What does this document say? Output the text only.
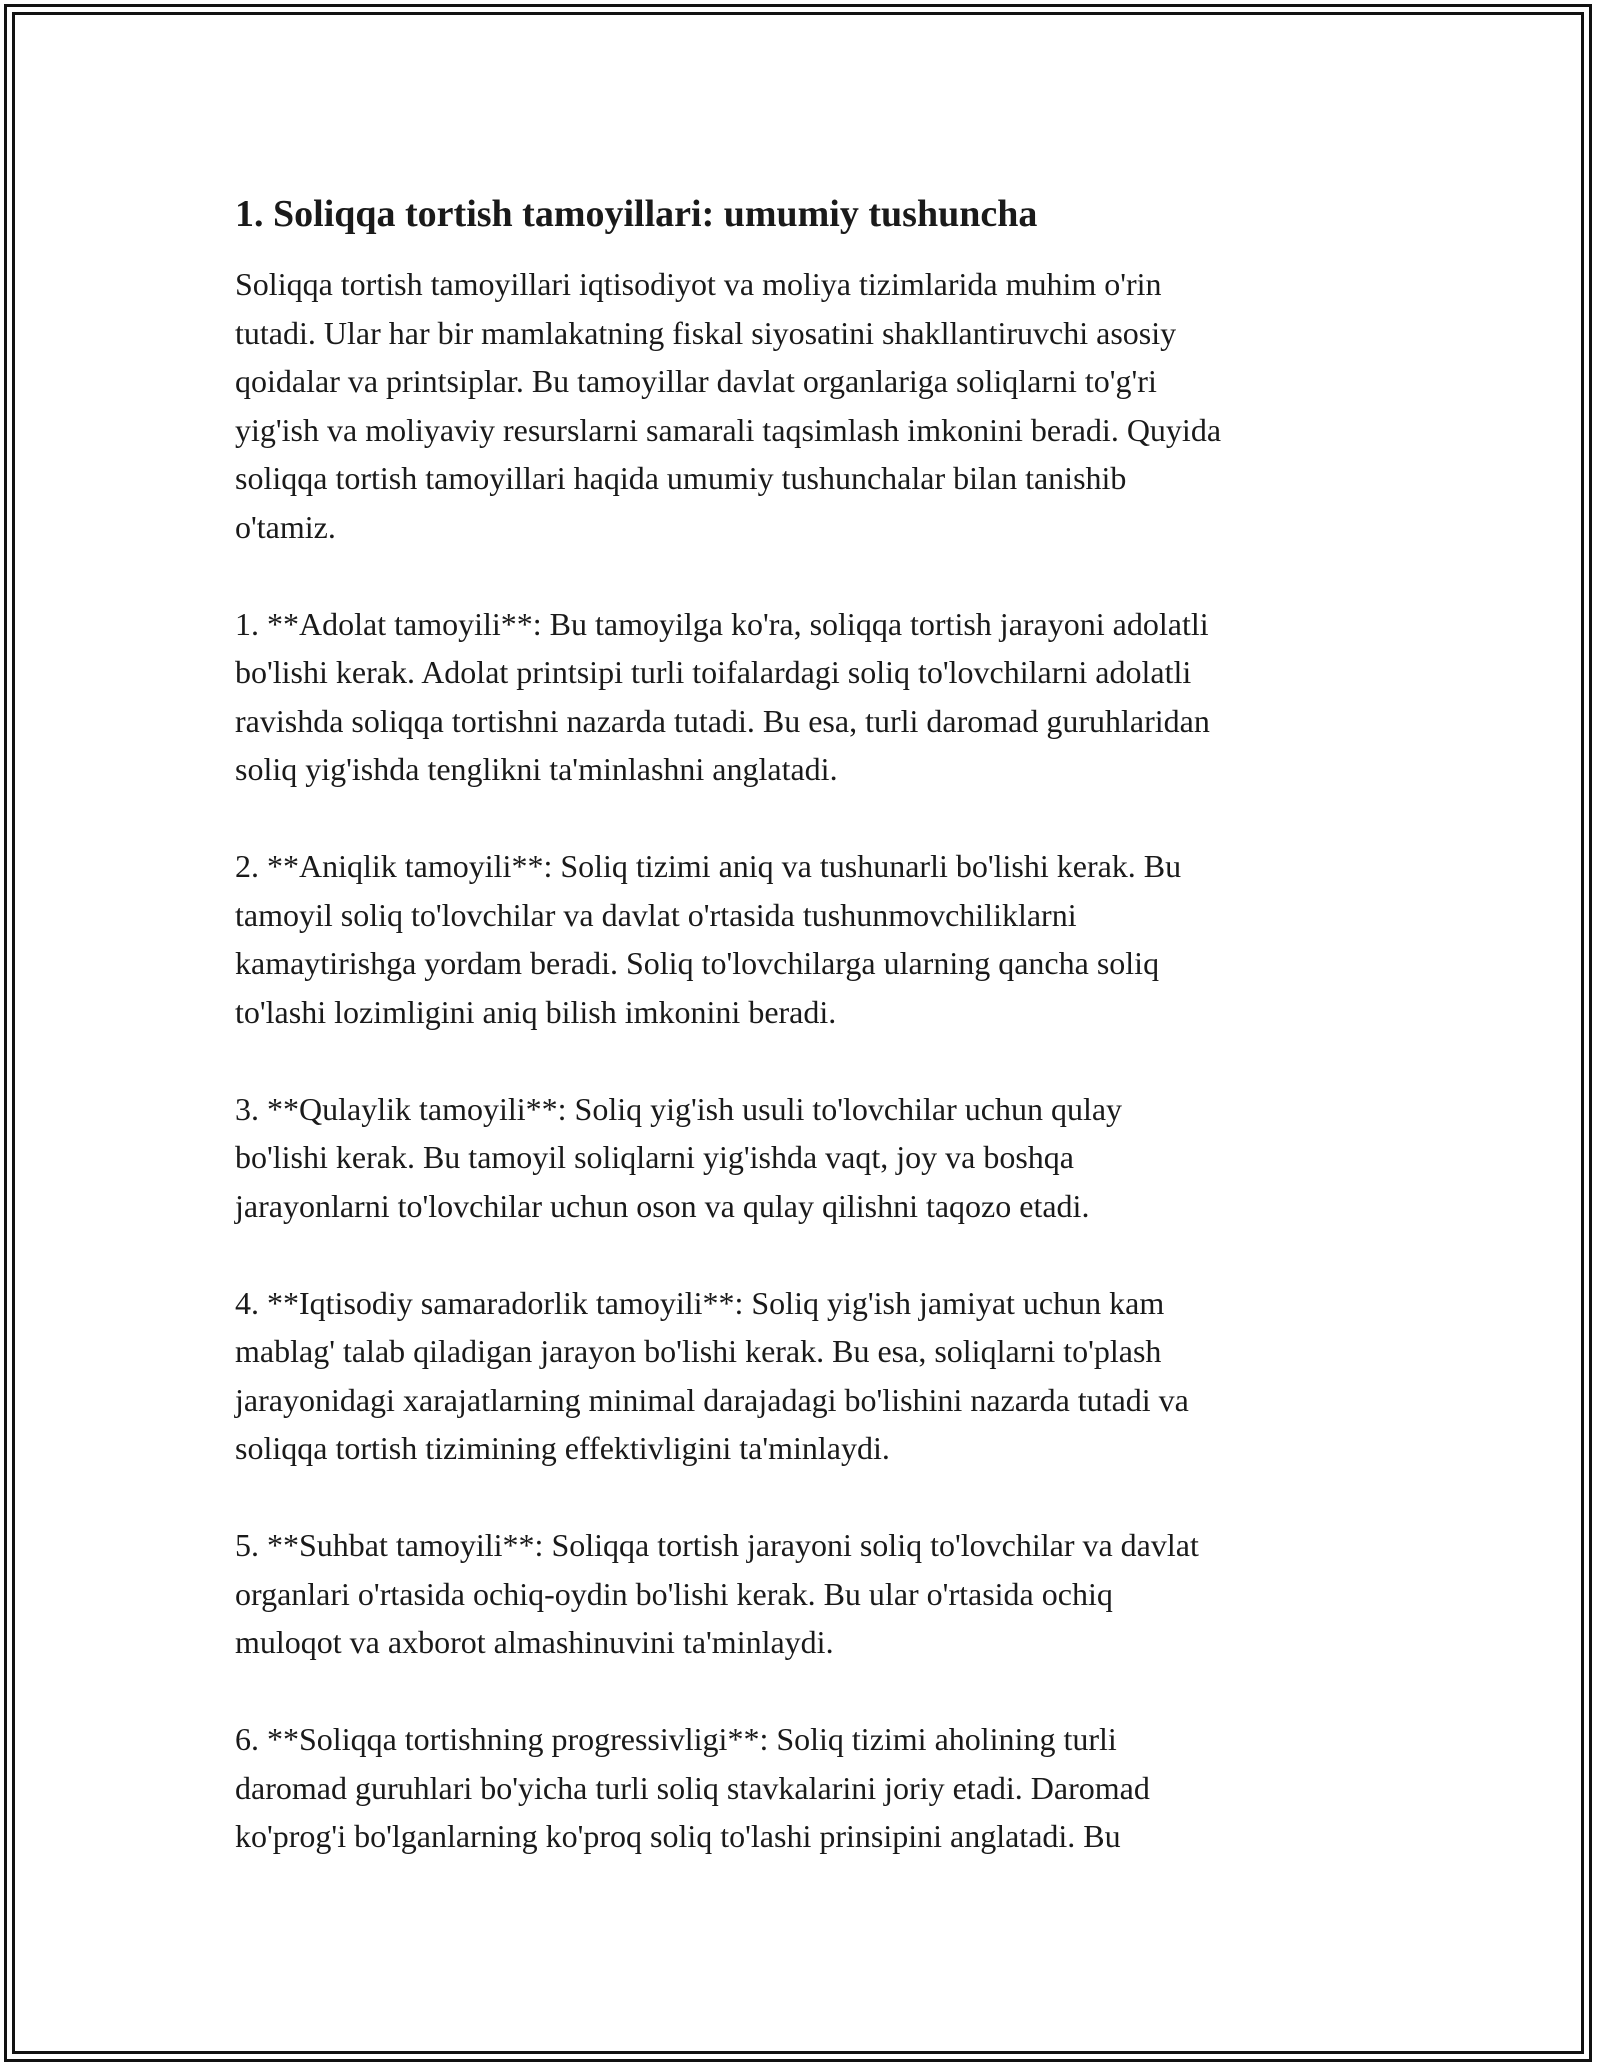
1. Soliqqa tortish tamoyillari: umumiy tushuncha

Soliqqa tortish tamoyillari iqtisodiyot va moliya tizimlarida muhim o'rin
tutadi. Ular har bir mamlakatning fiskal siyosatini shakllantiruvchi asosiy
qoidalar va printsiplar. Bu tamoyillar davlat organlariga soliqlarni to'g'ri
yig'ish va moliyaviy resurslarni samarali taqsimlash imkonini beradi. Quyida
soliqqa tortish tamoyillari haqida umumiy tushunchalar bilan tanishib
o'tamiz.

1. **Adolat tamoyili**: Bu tamoyilga ko'ra, soliqqa tortish jarayoni adolatli
bo'lishi kerak. Adolat printsipi turli toifalardagi soliq to'lovchilarni adolatli
ravishda soliqqa tortishni nazarda tutadi. Bu esa, turli daromad guruhlaridan
soliq yig'ishda tenglikni ta'minlashni anglatadi.

2. **Aniqlik tamoyili**: Soliq tizimi aniq va tushunarli bo'lishi kerak. Bu
tamoyil soliq to'lovchilar va davlat o'rtasida tushunmovchiliklarni
kamaytirishga yordam beradi. Soliq to'lovchilarga ularning qancha soliq
to'lashi lozimligini aniq bilish imkonini beradi.

3. **Qulaylik tamoyili**: Soliq yig'ish usuli to'lovchilar uchun qulay
bo'lishi kerak. Bu tamoyil soliqlarni yig'ishda vaqt, joy va boshqa
jarayonlarni to'lovchilar uchun oson va qulay qilishni taqozo etadi.

4. **Iqtisodiy samaradorlik tamoyili**: Soliq yig'ish jamiyat uchun kam
mablag' talab qiladigan jarayon bo'lishi kerak. Bu esa, soliqlarni to'plash
jarayonidagi xarajatlarning minimal darajadagi bo'lishini nazarda tutadi va
soliqqa tortish tizimining effektivligini ta'minlaydi.

5. **Suhbat tamoyili**: Soliqqa tortish jarayoni soliq to'lovchilar va davlat
organlari o'rtasida ochiq-oydin bo'lishi kerak. Bu ular o'rtasida ochiq
muloqot va axborot almashinuvini ta'minlaydi.

6. **Soliqqa tortishning progressivligi**: Soliq tizimi aholining turli
daromad guruhlari bo'yicha turli soliq stavkalarini joriy etadi. Daromad
ko'prog'i bo'lganlarning ko'proq soliq to'lashi prinsipini anglatadi. Bu
